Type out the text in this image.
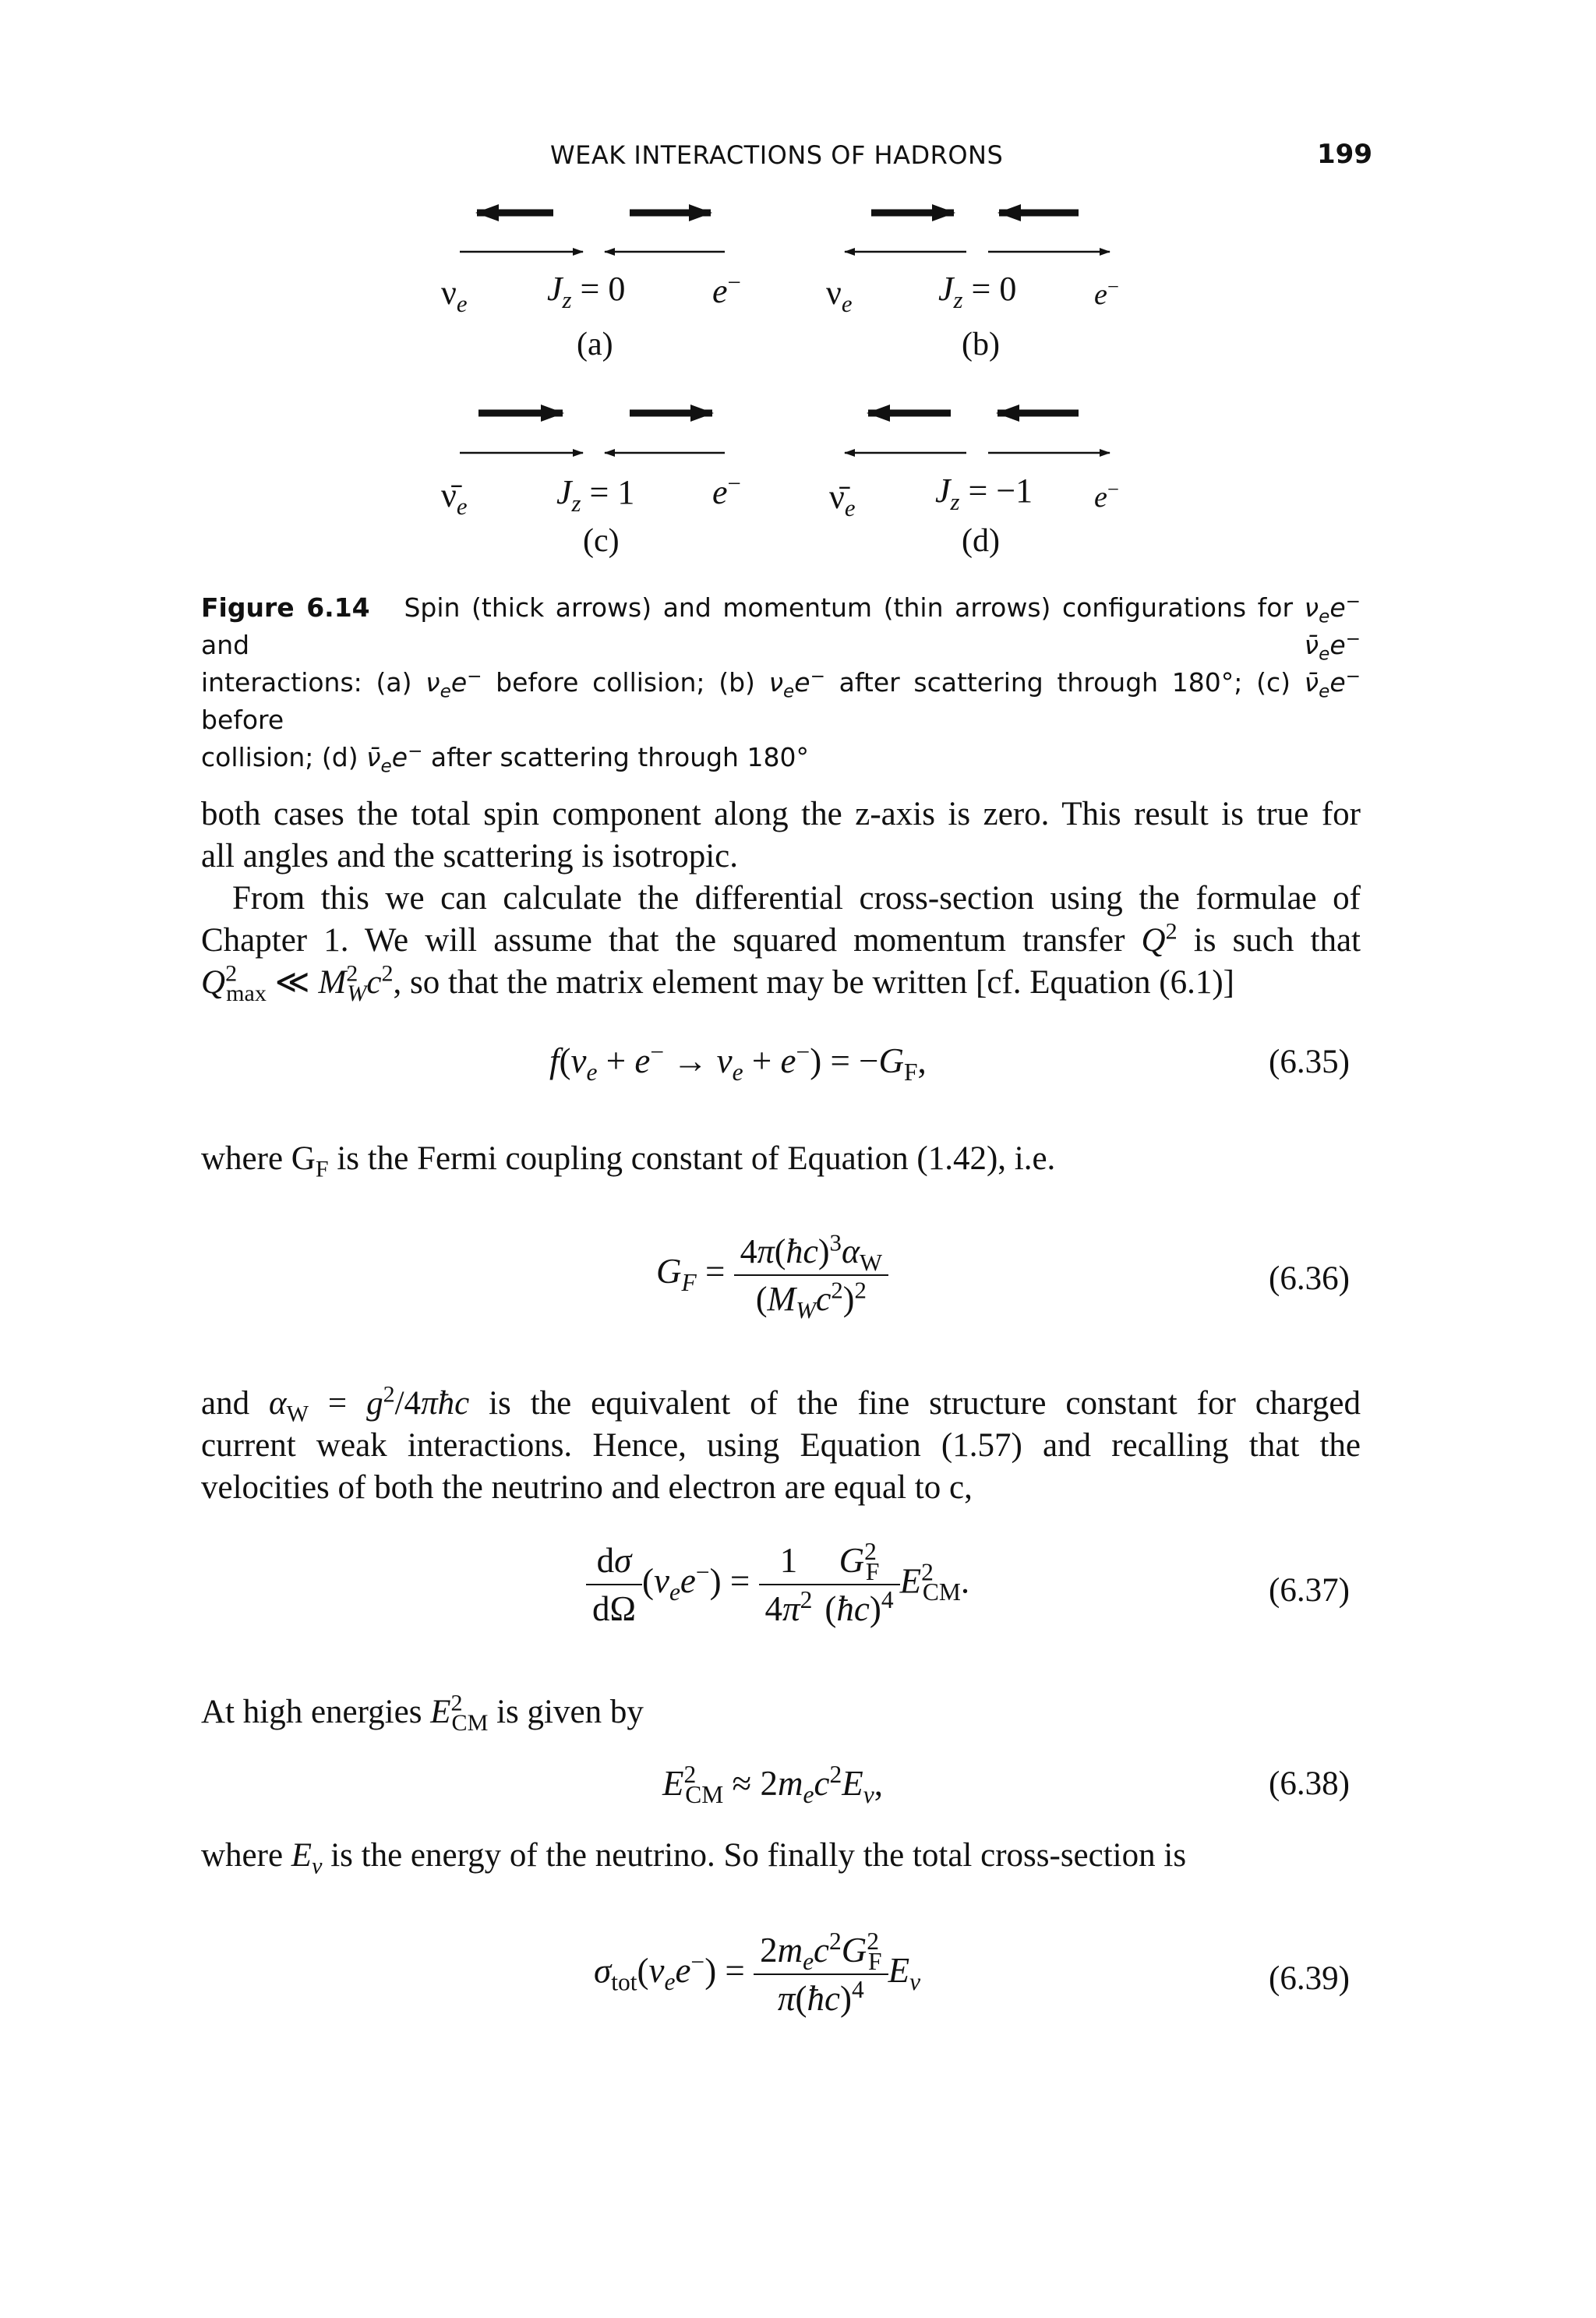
WEAK INTERACTIONS OF HADRONS	199
$\nu_e$ $J_z = 0$	e−
(a)
$\nu_e$	$J_z = 0$	e−
(b)
$\nū_e$	$J_z = 1$ e−
(c)
$\nū_e$ $J_z = -1$ e−
(d)
Figure 6.14 Spin (thick arrows) and momentum (thin arrows) configurations for $\nu_ee^-$ and $\nū_ee^-$
interactions: (a) $\nu_ee^-$ before collision; (b) $\nu_ee^-$ after scattering through 180°; (c) $\nū_ee^-$ before
collision; (d) $\nū_ee^-$ after scattering through 180°
both cases the total spin component along the z-axis is zero. This result is true for
all angles and the scattering is isotropic.
From this we can calculate the differential cross-section using the formulae of
Chapter 1. We will assume that the squared momentum transfer $Q^2$ is such that
$Q^2_{max}$ ≪ $M^2_Wc^2$, so that the matrix element may be written [cf. Equation (6.1)]
$f(\nu_e + e^- \to \nu_e + e^-) = -G_F$,	(6.35)
where $G_F$ is the Fermi coupling constant of Equation (1.42), i.e.
$G_F = \frac{4\pi(ħc)^3\alpha_W}{(M_Wc^2)^2}$	(6.36)
and $\alpha_W$ = $g^2/4\pi ħc$ is the equivalent of the fine structure constant for charged
current weak interactions. Hence, using Equation (1.57) and recalling that the
velocities of both the neutrino and electron are equal to c,
$\frac{d\sigma}{d\Omega} (\nu_ee^-) = \frac{1}{4\pi^2} \frac{G^2_F}{(ħc)^4} E^2_{CM}$.	(6.37)
At high energies $E^2_{CM}$ is given by
$E^2_{CM} \approx 2m_ec^2E_\nu$,	(6.38)
where $E_\nu$ is the energy of the neutrino. So finally the total cross-section is
$\sigma_{tot}(\nu_ee^-) = \frac{2m_ec^2G^2_F}{\pi(ħc)^4} E_\nu$	(6.39)
